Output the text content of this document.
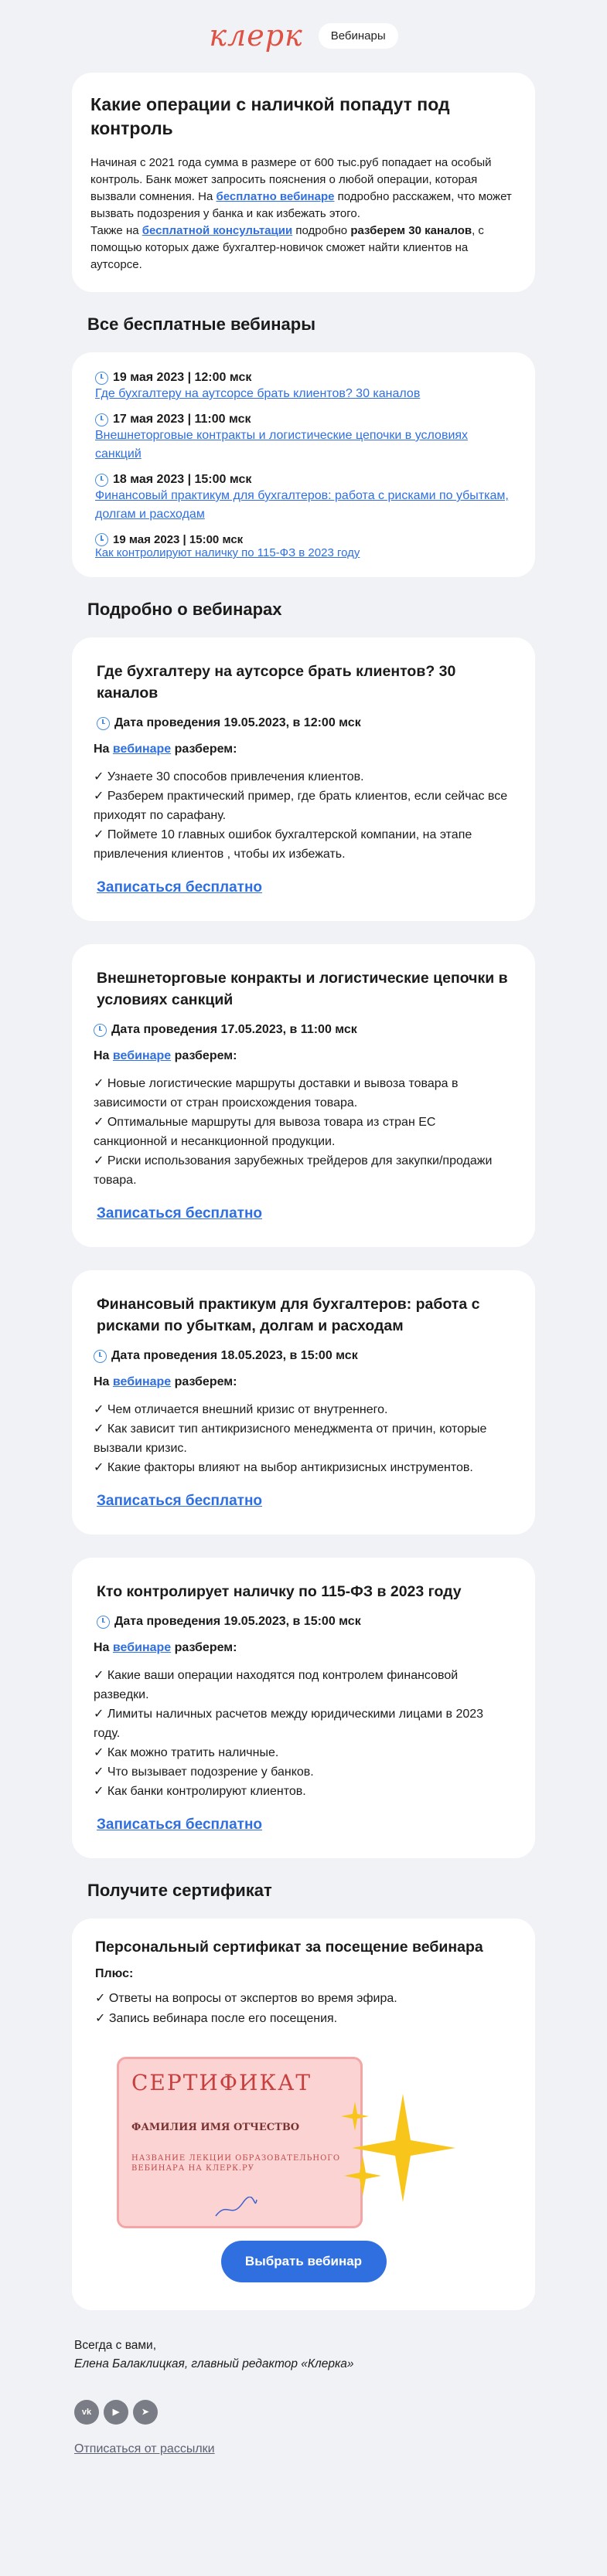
клерк	Вебинары
Какие операции с наличкой попадут под контроль

Начиная с 2021 года сумма в размере от 600 тыс.руб попадает на особый контроль. Банк может запросить пояснения о любой операции, которая вызвали сомнения. На бесплатно вебинаре подробно расскажем, что может вызвать подозрения у банка и как избежать этого.

Также на бесплатной консультации подробно разберем 30 каналов, с помощью которых даже бухгалтер-новичок сможет найти клиентов на аутсорсе.

Все бесплатные вебинары
19 мая 2023 | 12:00 мск
Где бухгалтеру на аутсорсе брать клиентов? 30 каналов
17 мая 2023 | 11:00 мск
Внешнеторговые контракты и логистические цепочки в условиях санкций
18 мая 2023 | 15:00 мск
Финансовый практикум для бухгалтеров: работа с рисками по убыткам, долгам и расходам
19 мая 2023 | 15:00 мск
Как контролируют наличку по 115-ФЗ в 2023 году
Подробно о вебинарах
Где бухгалтеру на аутсорсе брать клиентов? 30 каналов
Дата проведения 19.05.2023, в 12:00 мск
На вебинаре разберем:
✓ Узнаете 30 способов привлечения клиентов.
✓ Разберем практический пример, где брать клиентов, если сейчас все приходят по сарафану.
✓ Поймете 10 главных ошибок бухгалтерской компании, на этапе привлечения клиентов , чтобы их избежать.
Записаться бесплатно
Внешнеторговые конракты и логистические цепочки в условиях санкций
Дата проведения 17.05.2023, в 11:00 мск
На вебинаре разберем:
✓ Новые логистические маршруты доставки и вывоза товара в зависимости от стран происхождения товара.
✓ Оптимальные маршруты для вывоза товара из стран ЕС санкционной и несанкционной продукции.
✓ Риски использования зарубежных трейдеров для закупки/продажи товара.
Записаться бесплатно
Финансовый практикум для бухгалтеров: работа с рисками по убыткам, долгам и расходам
Дата проведения 18.05.2023, в 15:00 мск
На вебинаре разберем:
✓ Чем отличается внешний кризис от внутреннего.
✓ Как зависит тип антикризисного менеджмента от причин, которые вызвали кризис.
✓ Какие факторы влияют на выбор антикризисных инструментов.
Записаться бесплатно
Кто контролирует наличку по 115-ФЗ в 2023 году
Дата проведения 19.05.2023, в 15:00 мск
На вебинаре разберем:
✓ Какие ваши операции находятся под контролем финансовой разведки.
✓ Лимиты наличных расчетов между юридическими лицами в 2023 году.
✓ Как можно тратить наличные.
✓ Что вызывает подозрение у банков.
✓ Как банки контролируют клиентов.
Записаться бесплатно
Получите сертификат
Персональный сертификат за посещение вебинара
Плюс:
✓ Ответы на вопросы от экспертов во время эфира.
✓ Запись вебинара после его посещения.
СЕРТИФИКАТ

ФАМИЛИЯ ИМЯ ОТЧЕСТВО

НАЗВАНИЕ ЛЕКЦИИ ОБРАЗОВАТЕЛЬНОГО ВЕБИНАРА НА КЛЕРК.РУ
Выбрать вебинар
Всегда с вами,
Елена Балаклицкая, главный редактор «Клерка»
vk	▶	➤
Отписаться от рассылки
